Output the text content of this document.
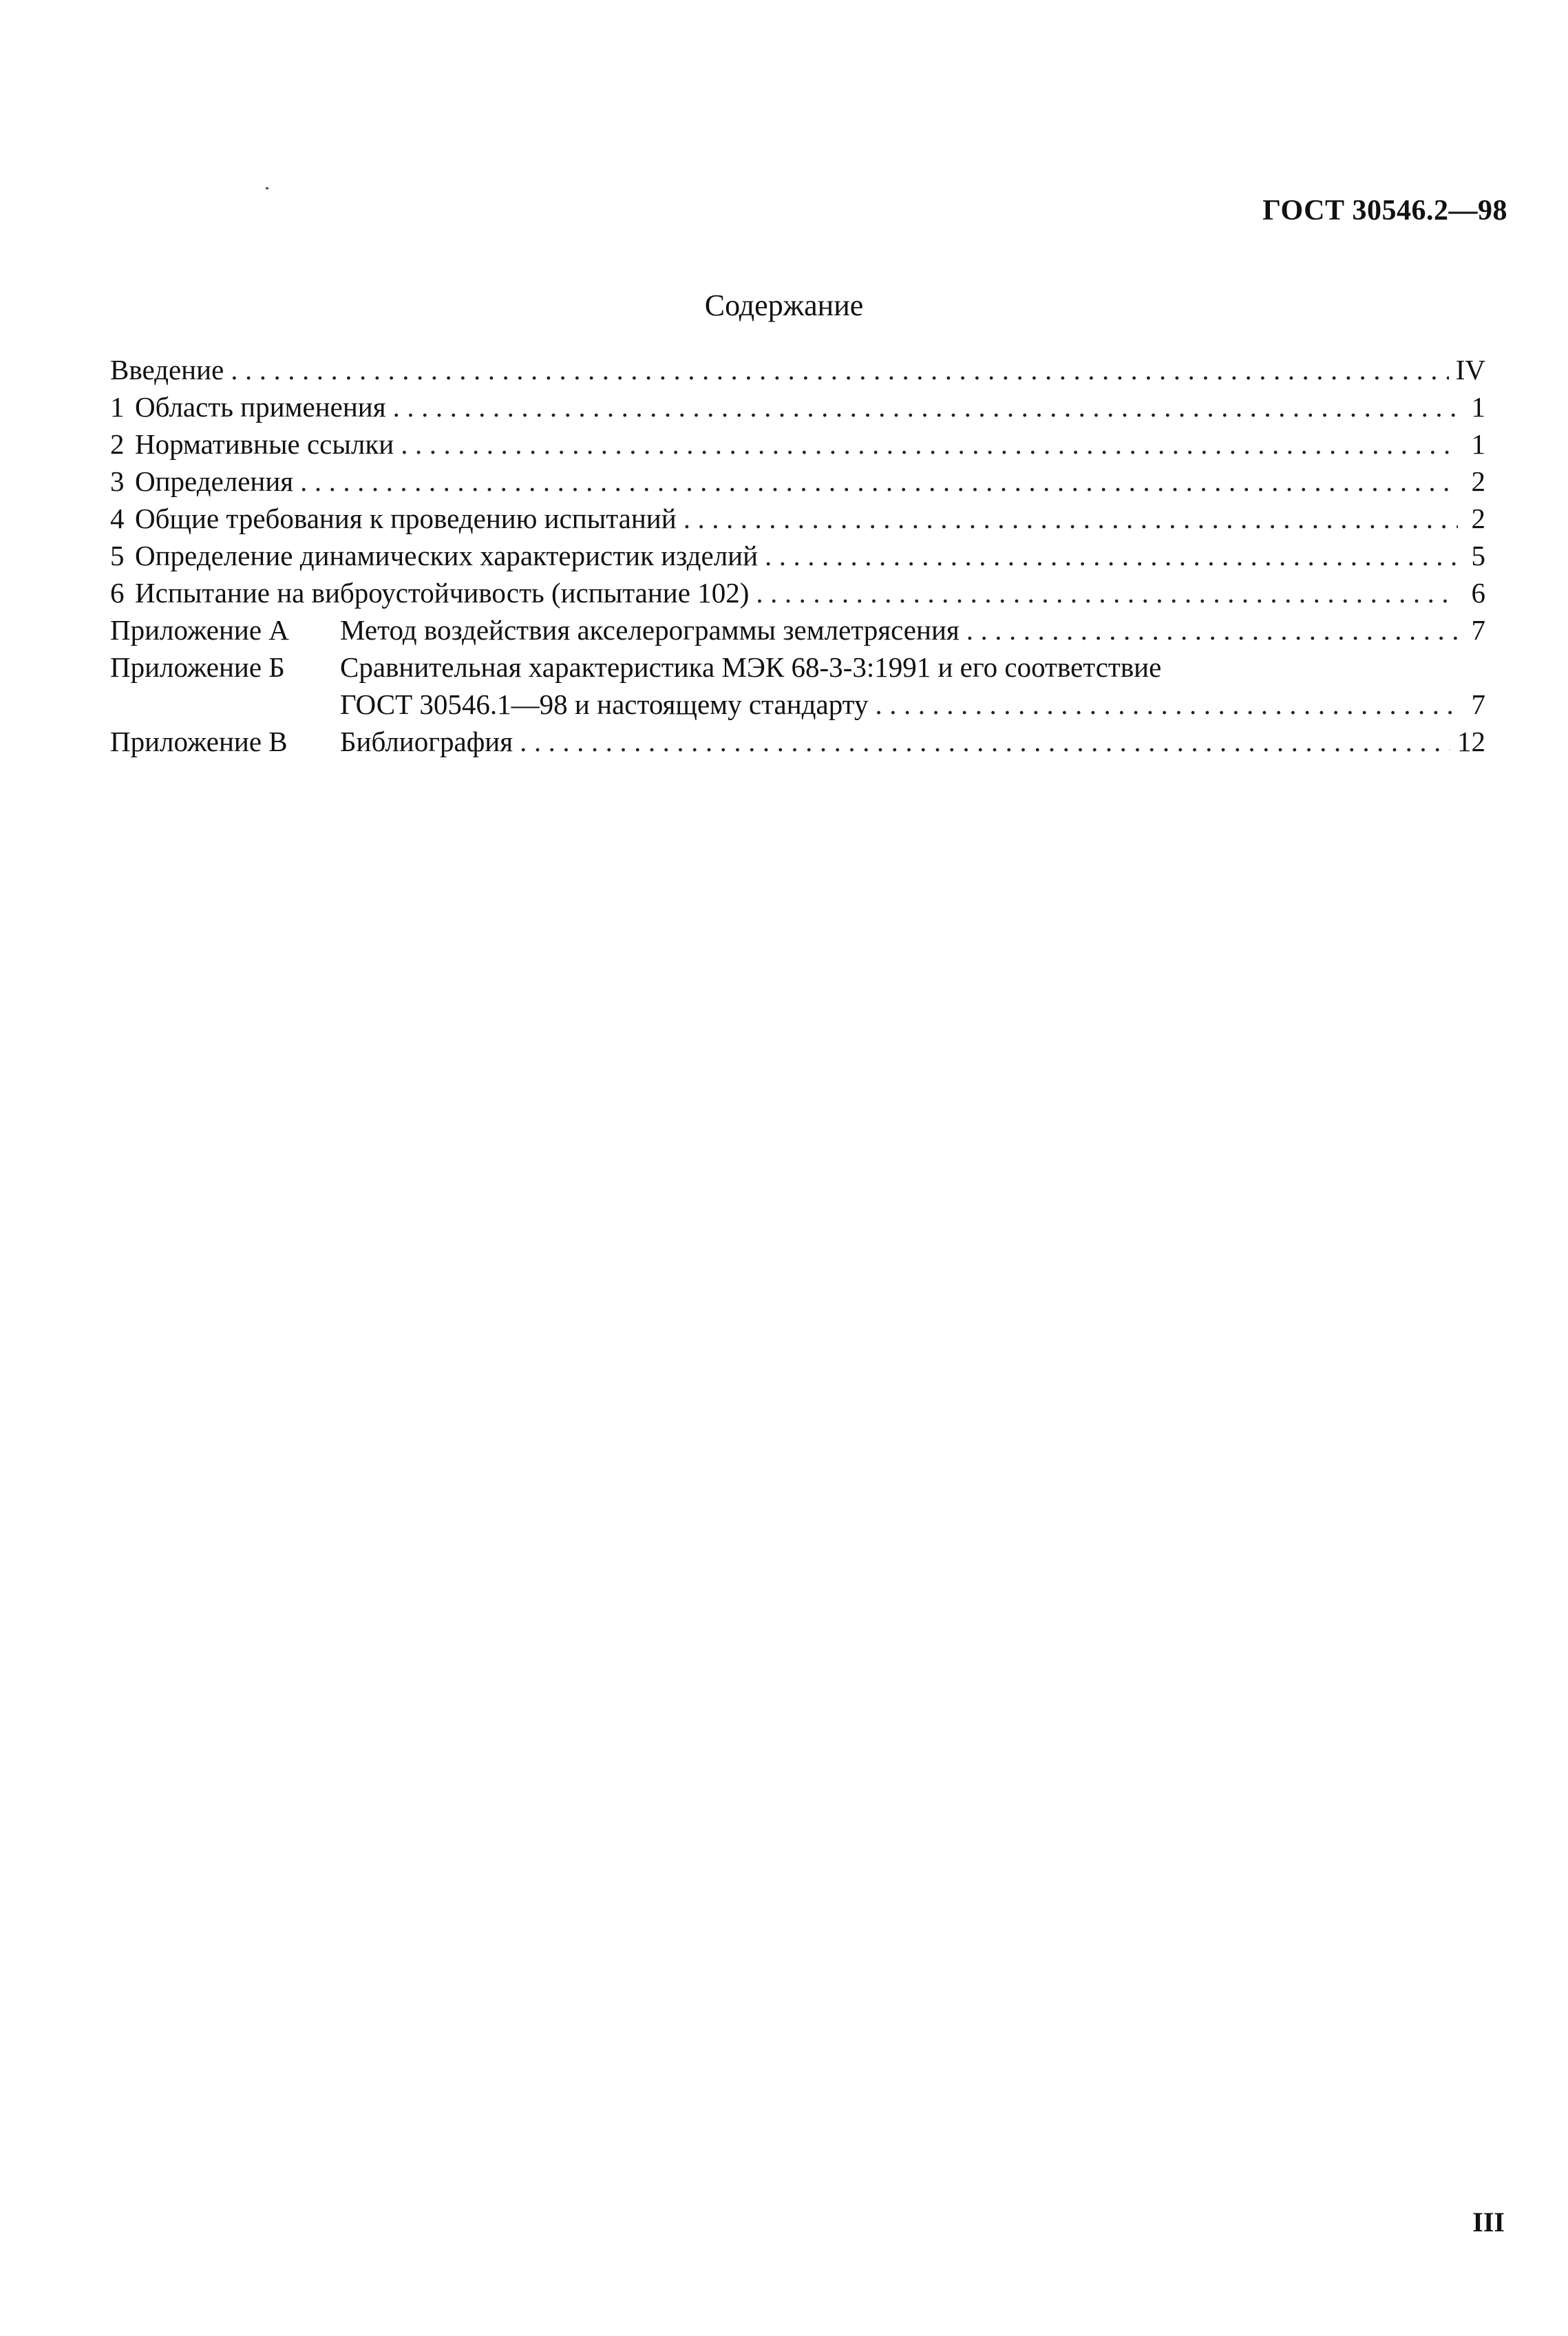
ГОСТ 30546.2—98
Содержание
Введение .....	IV
1 Область применения .....	1
2 Нормативные ссылки .....	1
3 Определения .....	2
4 Общие требования к проведению испытаний .....	2
5 Определение динамических характеристик изделий .....	5
6 Испытание на виброустойчивость (испытание 102) .....	6
Приложение А	Метод воздействия акселерограммы землетрясения .....	7
Приложение Б	Сравнительная характеристика МЭК 68-3-3:1991 и его соответствие
ГОСТ 30546.1—98 и настоящему стандарту .....	7
Приложение В	Библиография .....	12
III
